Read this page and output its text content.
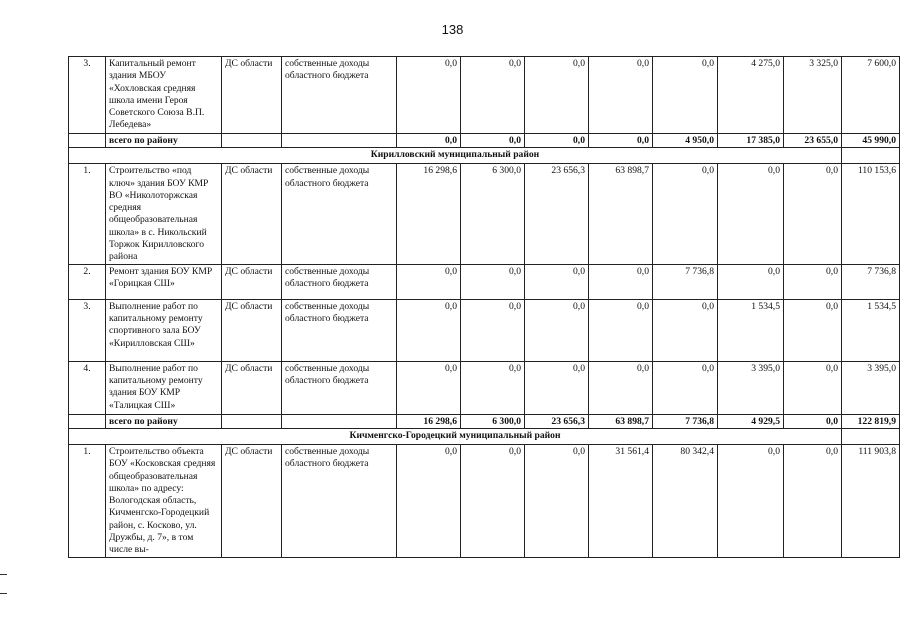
138
3.	Капитальный ремонт здания МБОУ «Хохловская средняя школа имени Героя Советского Союза В.П. Лебедева»	ДС области	собственные доходы областного бюджета	0,0	0,0	0,0	0,0	0,0	4 275,0	3 325,0	7 600,0
	всего по району			0,0	0,0	0,0	0,0	4 950,0	17 385,0	23 655,0	45 990,0
Кирилловский муниципальный район											
1.	Строительство «под ключ» здания БОУ КМР ВО «Николоторжская средняя общеобразовательная школа» в с. Никольский Торжок Кирилловского района	ДС области	собственные доходы областного бюджета	16 298,6	6 300,0	23 656,3	63 898,7	0,0	0,0	0,0	110 153,6
2.	Ремонт здания БОУ КМР «Горицкая СШ»	ДС области	собственные доходы областного бюджета	0,0	0,0	0,0	0,0	7 736,8	0,0	0,0	7 736,8
3.	Выполнение работ по капитальному ремонту спортивного зала БОУ «Кирилловская СШ»	ДС области	собственные доходы областного бюджета	0,0	0,0	0,0	0,0	0,0	1 534,5	0,0	1 534,5
4.	Выполнение работ по капитальному ремонту здания БОУ КМР «Талицкая СШ»	ДС области	собственные доходы областного бюджета	0,0	0,0	0,0	0,0	0,0	3 395,0	0,0	3 395,0
	всего по району			16 298,6	6 300,0	23 656,3	63 898,7	7 736,8	4 929,5	0,0	122 819,9
Кичменгско-Городецкий муниципальный район											
1.	Строительство объекта БОУ «Косковская средняя общеобразовательная школа» по адресу: Вологодская область, Кичменгско-Городецкий район, с. Косково, ул. Дружбы, д. 7», в том числе вы-	ДС области	собственные доходы областного бюджета	0,0	0,0	0,0	31 561,4	80 342,4	0,0	0,0	111 903,8
